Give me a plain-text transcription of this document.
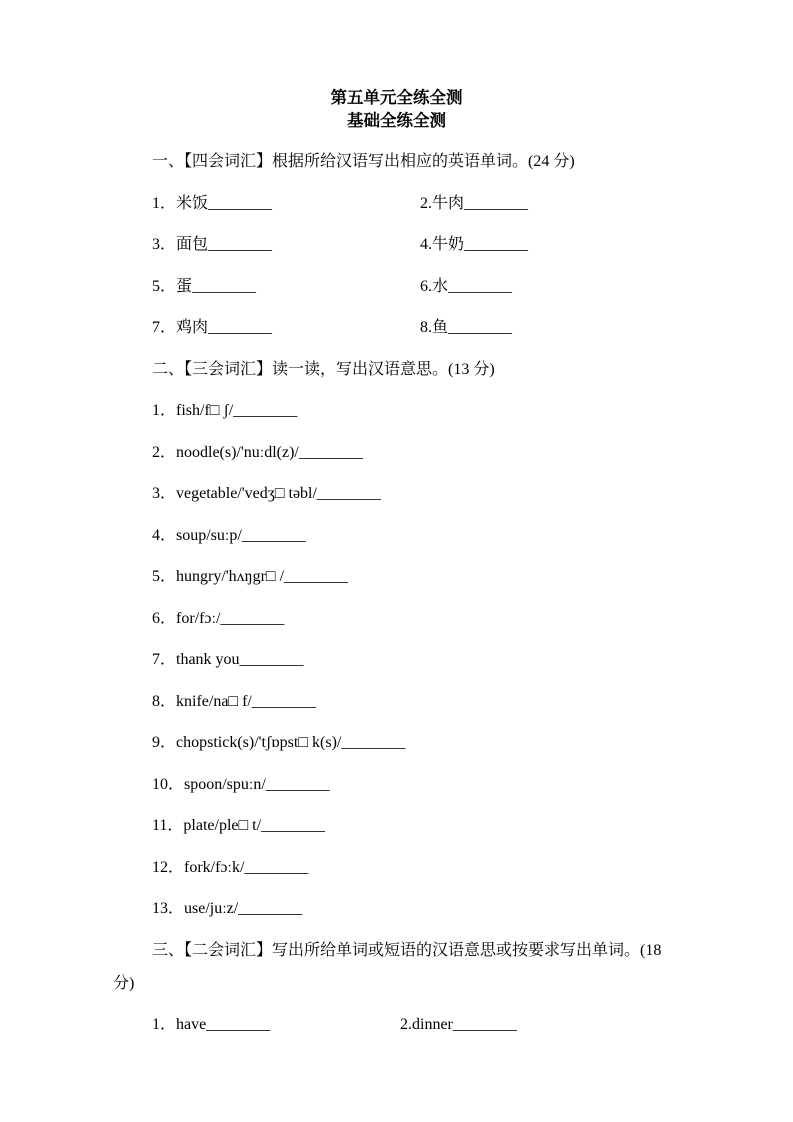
第五单元全练全测
基础全练全测

一、【四会词汇】根据所给汉语写出相应的英语单词。(24 分)

1．米饭________	2.牛肉________
3．面包________	4.牛奶________
5．蛋________	6.水________
7．鸡肉________	8.鱼________

二、【三会词汇】读一读，写出汉语意思。(13 分)

1．fish/f□ ʃ/________

2．noodle(s)/'nuːdl(z)/________

3．vegetable/'vedʒ□ təbl/________

4．soup/suːp/________

5．hungry/'hʌŋgr□ /________

6．for/fɔː/________

7．thank you________

8．knife/na□ f/________

9．chopstick(s)/'tʃɒpst□ k(s)/________

10．spoon/spuːn/________

11．plate/ple□ t/________

12．fork/fɔːk/________

13．use/juːz/________

三、【二会词汇】写出所给单词或短语的汉语意思或按要求写出单词。(18 分)

1．have________	2.dinner________
